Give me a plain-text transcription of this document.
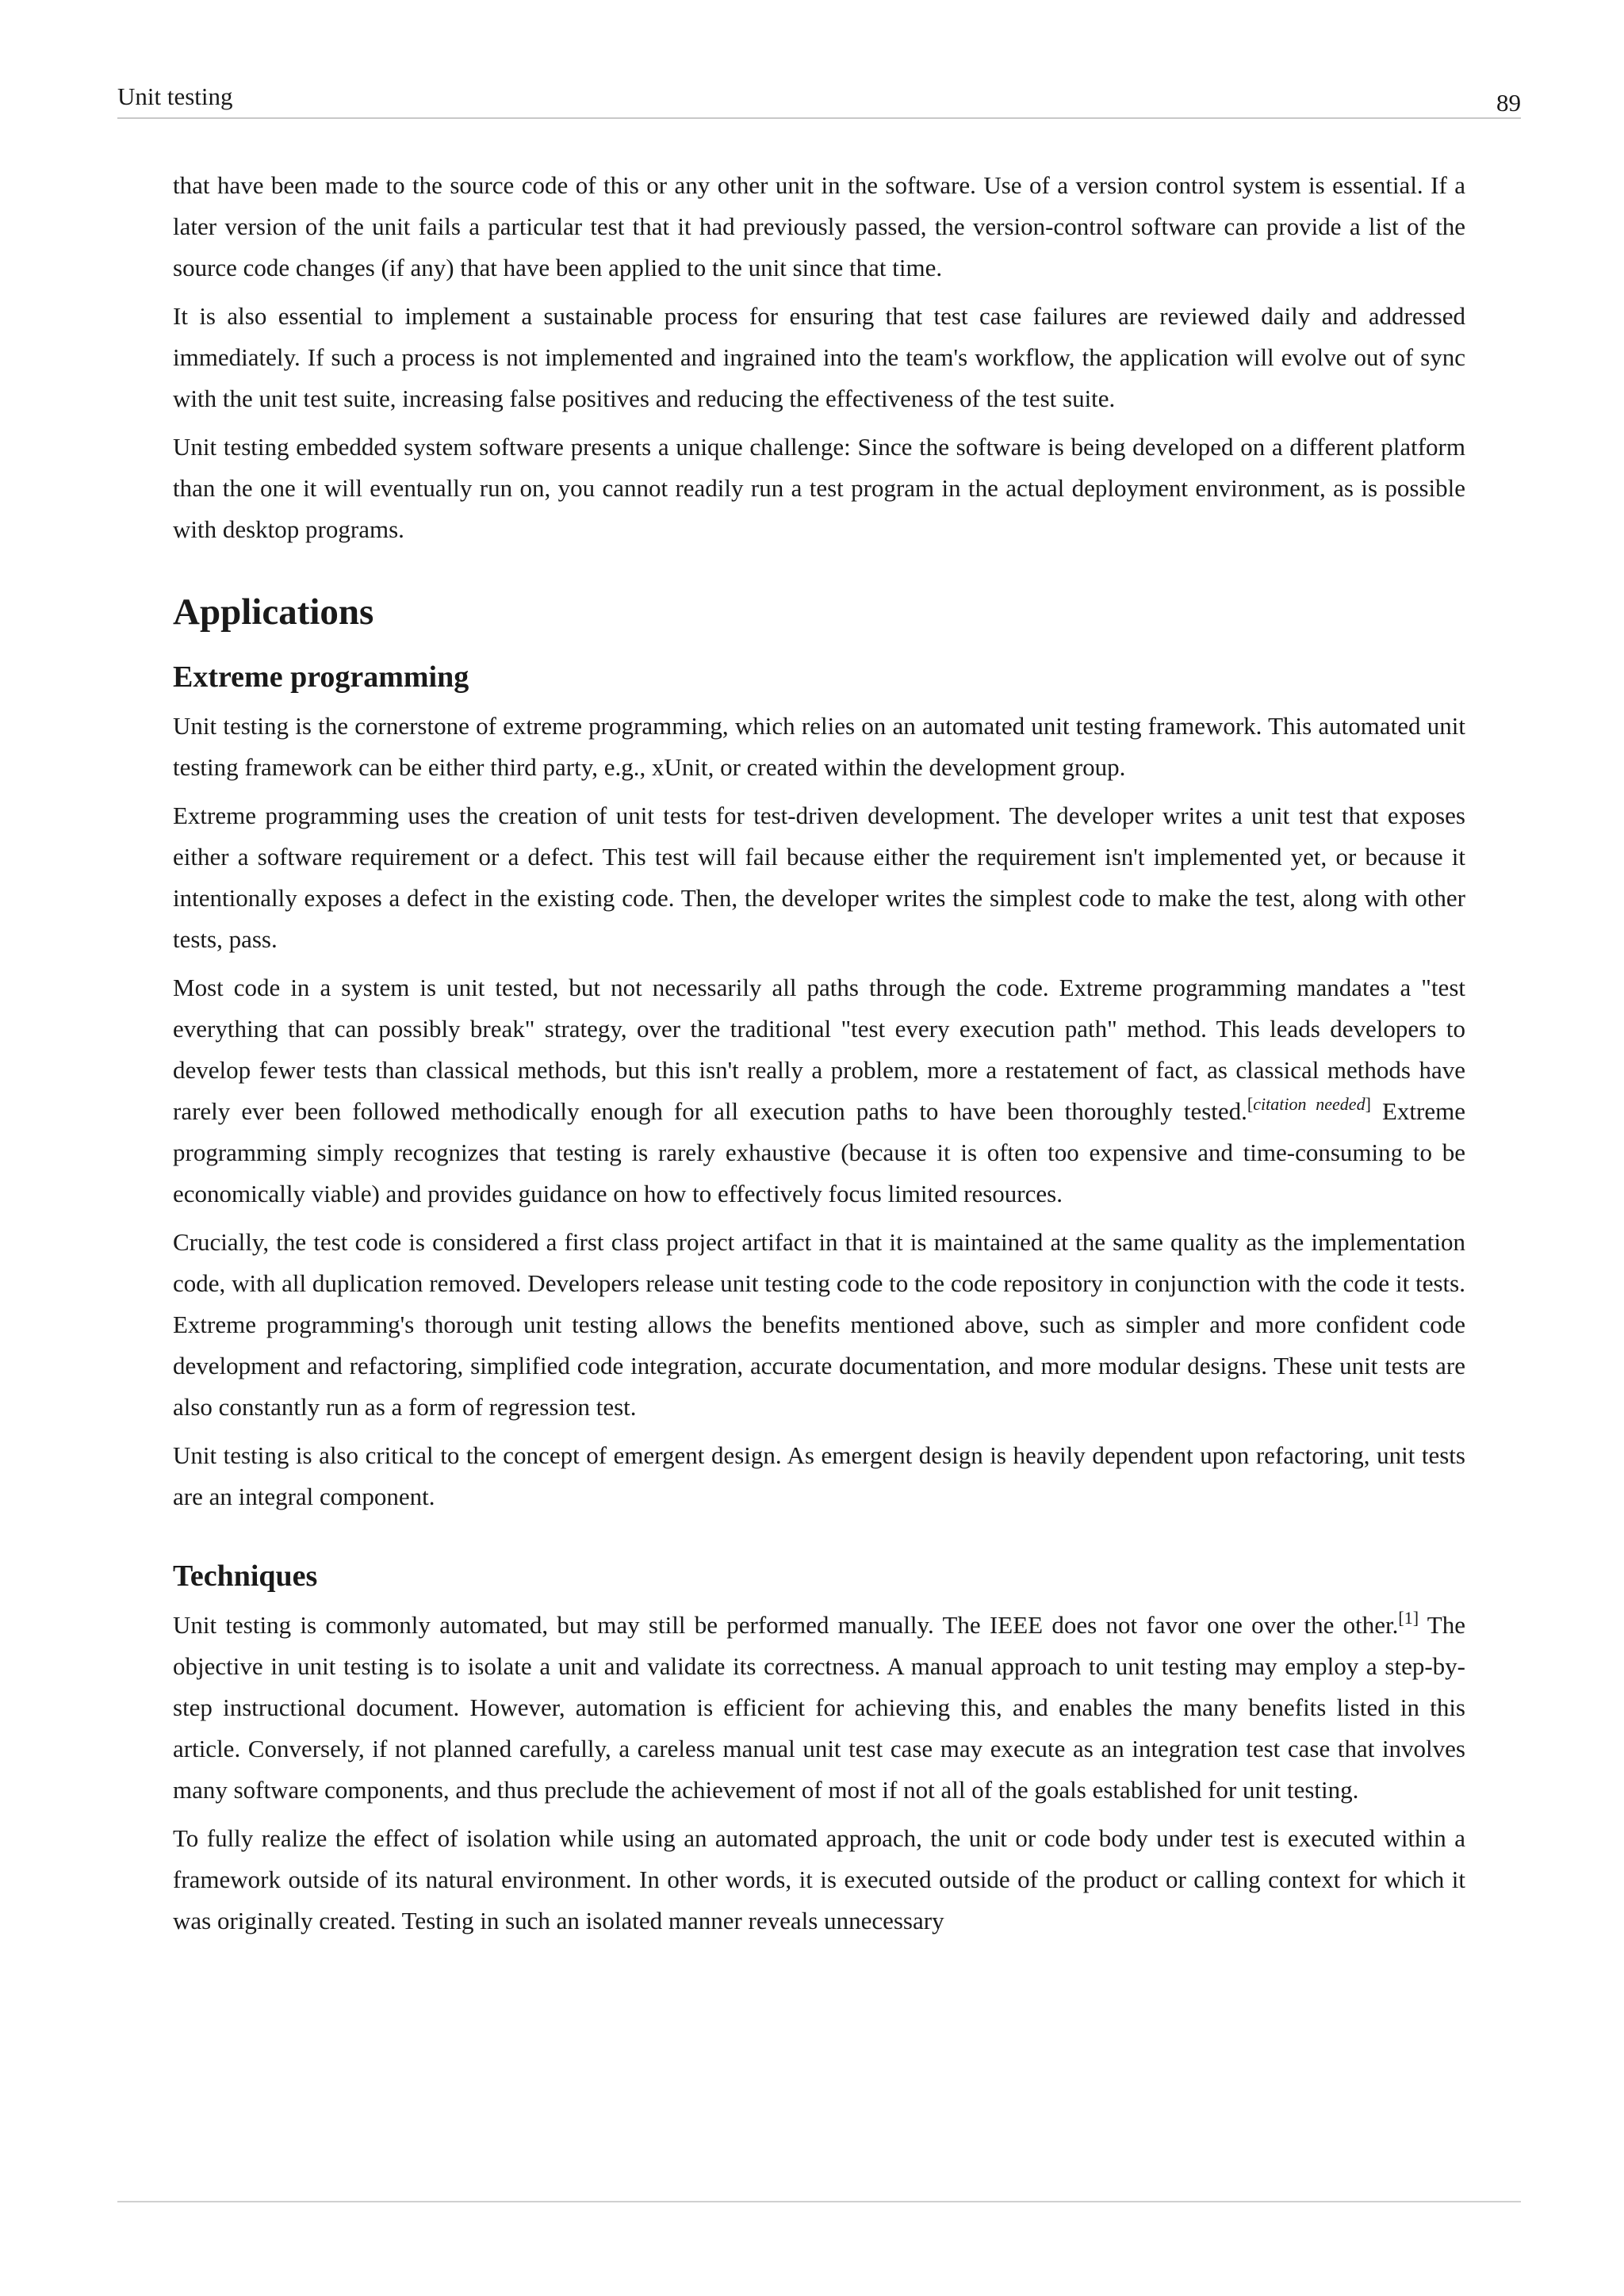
Unit testing	89

that have been made to the source code of this or any other unit in the software. Use of a version control system is essential. If a later version of the unit fails a particular test that it had previously passed, the version-control software can provide a list of the source code changes (if any) that have been applied to the unit since that time.

It is also essential to implement a sustainable process for ensuring that test case failures are reviewed daily and addressed immediately. If such a process is not implemented and ingrained into the team's workflow, the application will evolve out of sync with the unit test suite, increasing false positives and reducing the effectiveness of the test suite.

Unit testing embedded system software presents a unique challenge: Since the software is being developed on a different platform than the one it will eventually run on, you cannot readily run a test program in the actual deployment environment, as is possible with desktop programs.

Applications
Extreme programming

Unit testing is the cornerstone of extreme programming, which relies on an automated unit testing framework. This automated unit testing framework can be either third party, e.g., xUnit, or created within the development group.

Extreme programming uses the creation of unit tests for test-driven development. The developer writes a unit test that exposes either a software requirement or a defect. This test will fail because either the requirement isn't implemented yet, or because it intentionally exposes a defect in the existing code. Then, the developer writes the simplest code to make the test, along with other tests, pass.

Most code in a system is unit tested, but not necessarily all paths through the code. Extreme programming mandates a "test everything that can possibly break" strategy, over the traditional "test every execution path" method. This leads developers to develop fewer tests than classical methods, but this isn't really a problem, more a restatement of fact, as classical methods have rarely ever been followed methodically enough for all execution paths to have been thoroughly tested.[citation needed] Extreme programming simply recognizes that testing is rarely exhaustive (because it is often too expensive and time-consuming to be economically viable) and provides guidance on how to effectively focus limited resources.

Crucially, the test code is considered a first class project artifact in that it is maintained at the same quality as the implementation code, with all duplication removed. Developers release unit testing code to the code repository in conjunction with the code it tests. Extreme programming's thorough unit testing allows the benefits mentioned above, such as simpler and more confident code development and refactoring, simplified code integration, accurate documentation, and more modular designs. These unit tests are also constantly run as a form of regression test.

Unit testing is also critical to the concept of emergent design. As emergent design is heavily dependent upon refactoring, unit tests are an integral component.

Techniques

Unit testing is commonly automated, but may still be performed manually. The IEEE does not favor one over the other.[1] The objective in unit testing is to isolate a unit and validate its correctness. A manual approach to unit testing may employ a step-by-step instructional document. However, automation is efficient for achieving this, and enables the many benefits listed in this article. Conversely, if not planned carefully, a careless manual unit test case may execute as an integration test case that involves many software components, and thus preclude the achievement of most if not all of the goals established for unit testing.

To fully realize the effect of isolation while using an automated approach, the unit or code body under test is executed within a framework outside of its natural environment. In other words, it is executed outside of the product or calling context for which it was originally created. Testing in such an isolated manner reveals unnecessary
